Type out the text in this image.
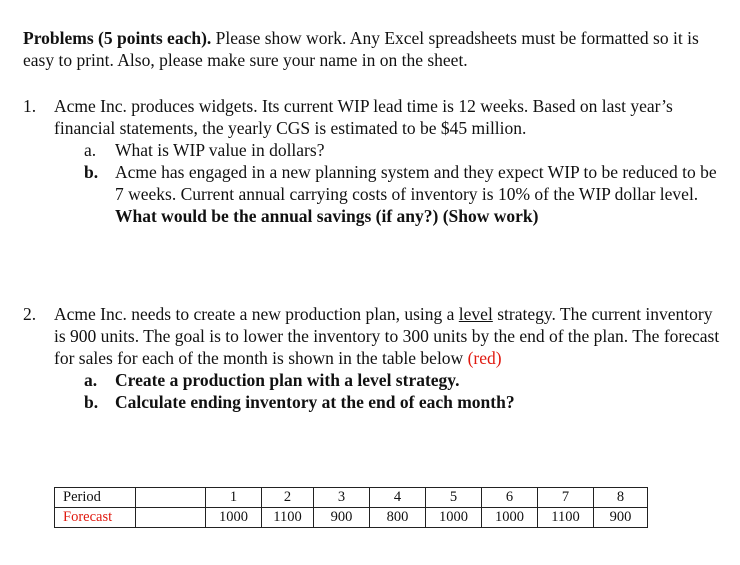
Problems (5 points each). Please show work. Any Excel spreadsheets must be formatted so it is easy to print. Also, please make sure your name in on the sheet.
1. Acme Inc. produces widgets. Its current WIP lead time is 12 weeks. Based on last year’s financial statements, the yearly CGS is estimated to be $45 million.
a. What is WIP value in dollars?
b. Acme has engaged in a new planning system and they expect WIP to be reduced to be 7 weeks. Current annual carrying costs of inventory is 10% of the WIP dollar level. What would be the annual savings (if any?) (Show work)
2. Acme Inc. needs to create a new production plan, using a level strategy. The current inventory is 900 units. The goal is to lower the inventory to 300 units by the end of the plan. The forecast for sales for each of the month is shown in the table below (red)
a. Create a production plan with a level strategy.
b. Calculate ending inventory at the end of each month?
Period		1	2	3	4	5	6	7	8
Forecast		1000	1100	900	800	1000	1000	1100	900
